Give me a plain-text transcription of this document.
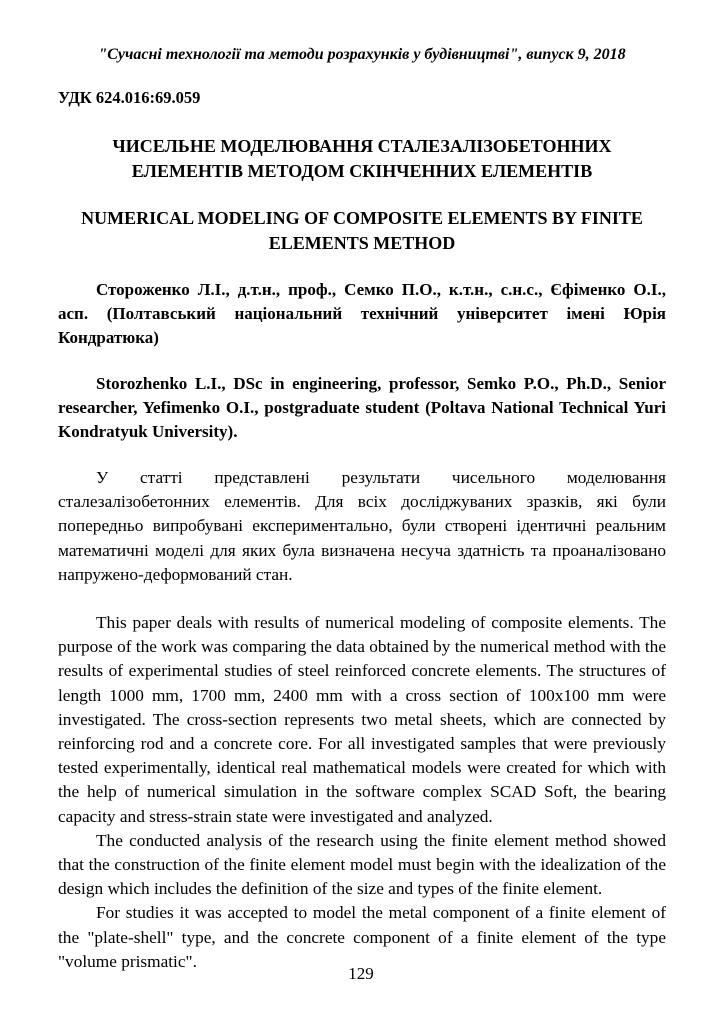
"Сучасні технології та методи розрахунків у будівництві", випуск 9, 2018
УДК 624.016:69.059
ЧИСЕЛЬНЕ МОДЕЛЮВАННЯ СТАЛЕЗАЛІЗОБЕТОННИХ ЕЛЕМЕНТІВ МЕТОДОМ СКІНЧЕННИХ ЕЛЕМЕНТІВ
NUMERICAL MODELING OF COMPOSITE ELEMENTS BY FINITE ELEMENTS METHOD

Стороженко Л.І., д.т.н., проф., Семко П.О., к.т.н., с.н.с., Єфіменко О.І., асп. (Полтавський національний технічний університет імені Юрія Кондратюка)

Storozhenko L.I., DSc in engineering, professor, Semko P.O., Ph.D., Senior researcher, Yefimenko O.I., postgraduate student (Poltava National Technical Yuri Kondratyuk University).

У статті представлені результати чисельного моделювання сталезалізобетонних елементів. Для всіх досліджуваних зразків, які були попередньо випробувані експериментально, були створені ідентичні реальним математичні моделі для яких була визначена несуча здатність та проаналізовано напружено-деформований стан.

This paper deals with results of numerical modeling of composite elements. The purpose of the work was comparing the data obtained by the numerical method with the results of experimental studies of steel reinforced concrete elements. The structures of length 1000 mm, 1700 mm, 2400 mm with a cross section of 100x100 mm were investigated. The cross-section represents two metal sheets, which are connected by reinforcing rod and a concrete core. For all investigated samples that were previously tested experimentally, identical real mathematical models were created for which with the help of numerical simulation in the software complex SCAD Soft, the bearing capacity and stress-strain state were investigated and analyzed.

The conducted analysis of the research using the finite element method showed that the construction of the finite element model must begin with the idealization of the design which includes the definition of the size and types of the finite element.

For studies it was accepted to model the metal component of a finite element of the "plate-shell" type, and the concrete component of a finite element of the type "volume prismatic".

129
